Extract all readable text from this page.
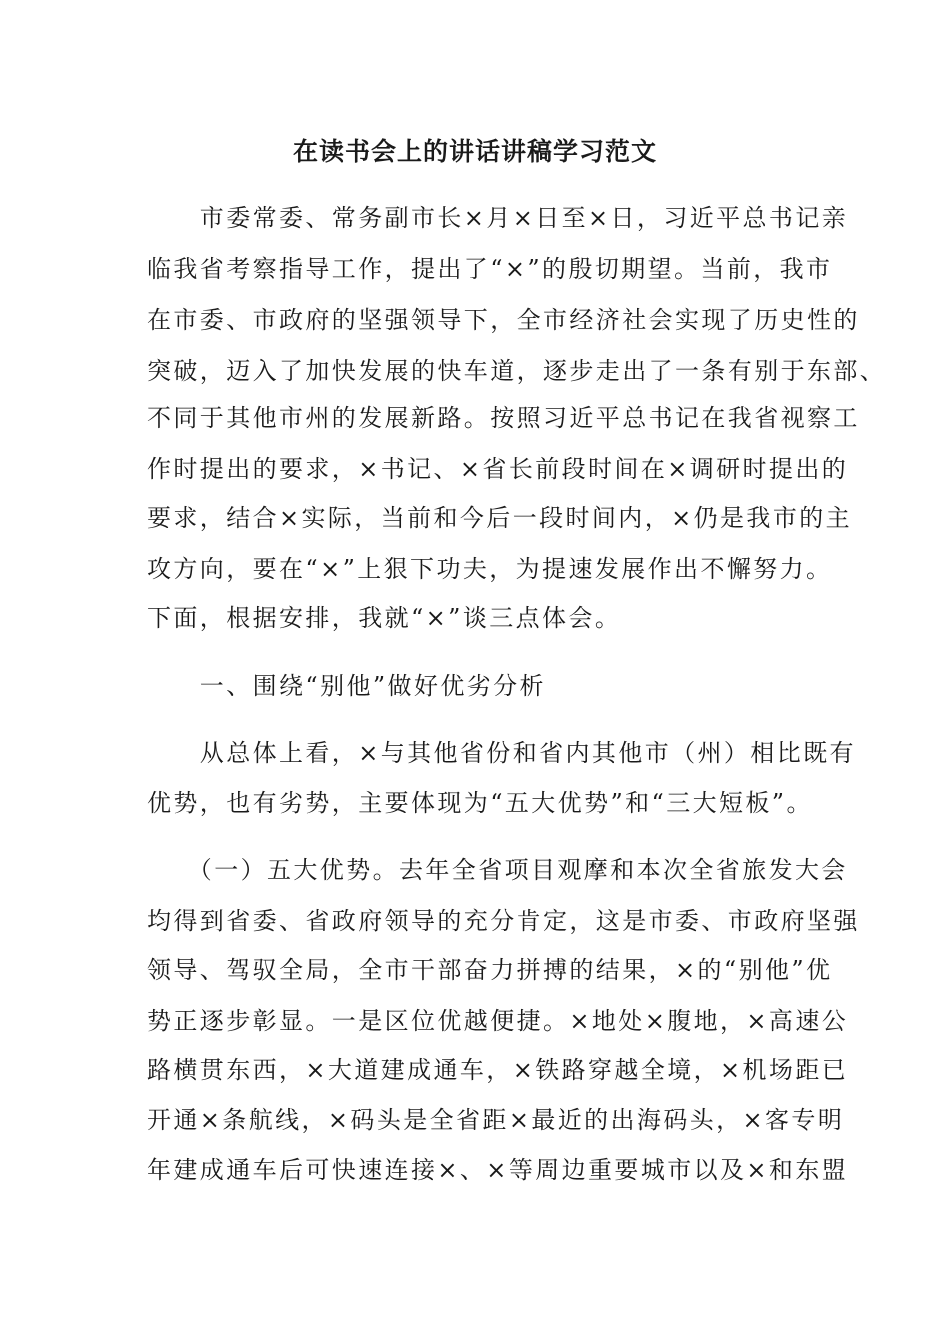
在读书会上的讲话讲稿学习范文
　　市委常委、常务副市长×月×日至×日，习近平总书记亲
临我省考察指导工作，提出了“×”的殷切期望。当前，我市
在市委、市政府的坚强领导下，全市经济社会实现了历史性的
突破，迈入了加快发展的快车道，逐步走出了一条有别于东部、
不同于其他市州的发展新路。按照习近平总书记在我省视察工
作时提出的要求，×书记、×省长前段时间在×调研时提出的
要求，结合×实际，当前和今后一段时间内，×仍是我市的主
攻方向，要在“×”上狠下功夫，为提速发展作出不懈努力。
下面，根据安排，我就“×”谈三点体会。
　　一、围绕“别他”做好优劣分析
　　从总体上看，×与其他省份和省内其他市（州）相比既有
优势，也有劣势，主要体现为“五大优势”和“三大短板”。
　　（一）五大优势。去年全省项目观摩和本次全省旅发大会
均得到省委、省政府领导的充分肯定，这是市委、市政府坚强
领导、驾驭全局，全市干部奋力拼搏的结果，×的“别他”优
势正逐步彰显。一是区位优越便捷。×地处×腹地，×高速公
路横贯东西，×大道建成通车，×铁路穿越全境，×机场距已
开通×条航线，×码头是全省距×最近的出海码头，×客专明
年建成通车后可快速连接×、×等周边重要城市以及×和东盟
